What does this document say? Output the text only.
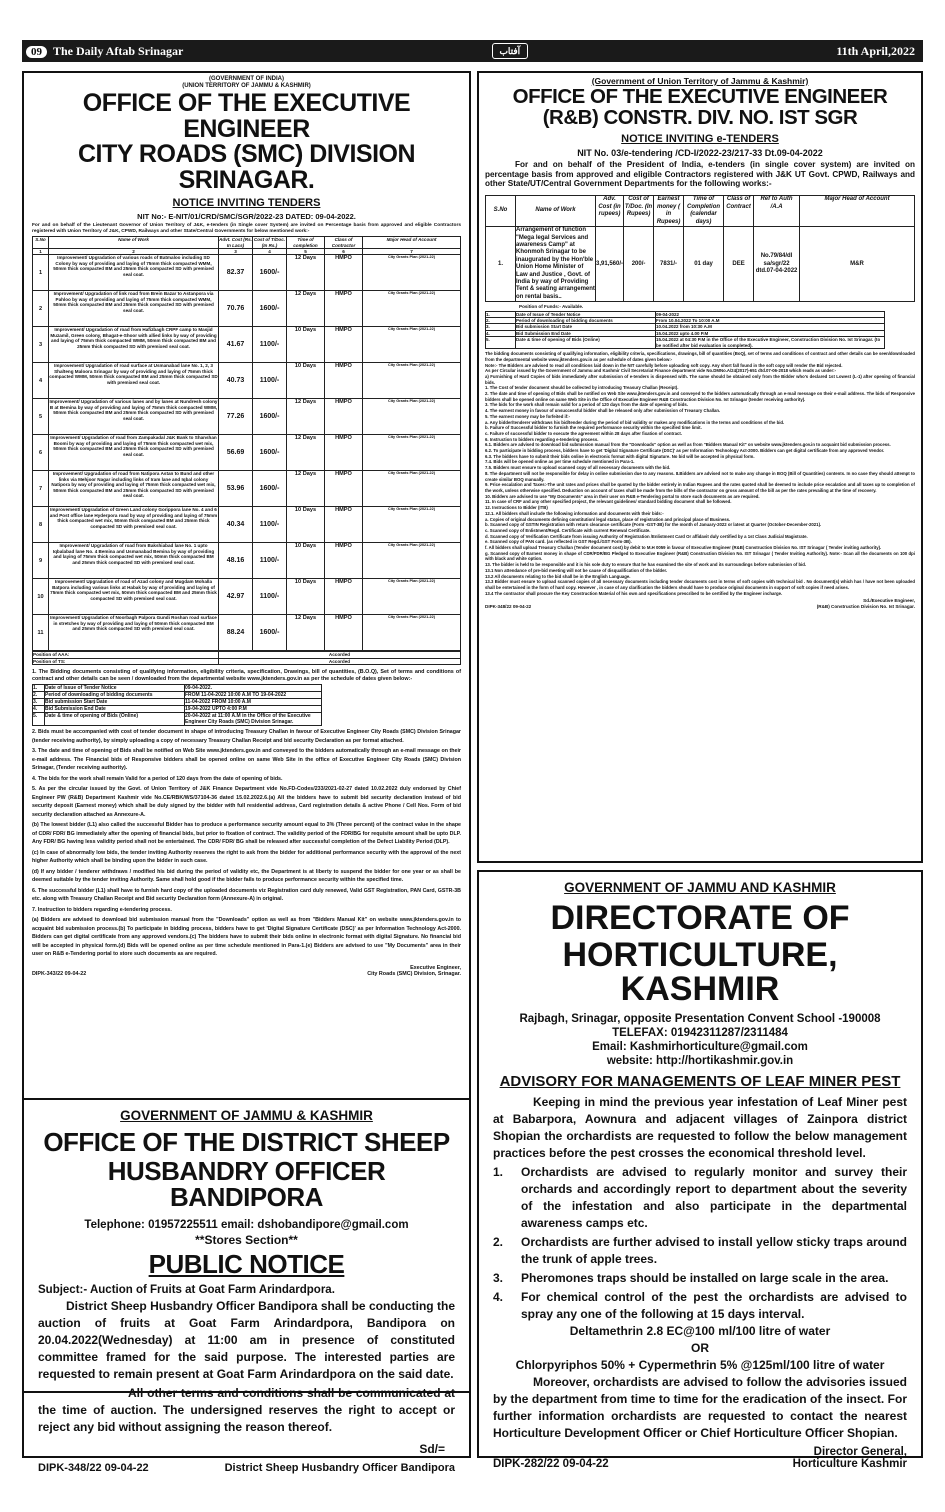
09 The Daily Aftab Srinagar	آفتاب	11th April,2022
(GOVERNMENT OF INDIA)
(UNION TERRITORY OF JAMMU & KASHMIR)
OFFICE OF THE EXECUTIVE ENGINEER
CITY ROADS (SMC) DIVISION SRINAGAR.
NOTICE INVITING TENDERS
NIT No:- E-NIT/01/CRD/SMC/SGR/2022-23 DATED: 09-04-2022.
For and on behalf of the Lieutenant Governor of Union Territory of J&K, e-tenders (in Single cover System) are invited on Percentage basis from approved and eligible Contractors registered with Union Territory of J&K, CPWD, Railways and other State/Central Governments for below mentioned work:-
S.No	Name of Work	Advt. Cost (Rs. In Lacs)	Cost of T/Doc. (In Rs.)	Time of completion	Class of Contractor	Major Head of Account
1	2	3	4	5	6	7
1	Improvement/ Upgradation of various roads of Batmaloo including SD Colony by way of providing and laying of 75mm thick compacted WMM, 50mm thick compacted BM and 25mm thick compacted SD with premixed seal coat.	82.37	1600/-	12 Days	HMPO	City Grants Plan (2021-22)
2	Improvement/ Upgradation of link road from Brein Bazar to Astanpora via Pahloo by way of providing and laying of 75mm thick compacted WMM, 50mm thick compacted BM and 25mm thick compacted SD with premixed seal coat.	70.76	1600/-	12 Days	HMPO	City Grants Plan (2021-22)
3	Improvement/ Upgradation of road from Hafizbagh CRPF camp to Masjid Muzamil, Green colony, Bhagat-e-Shoor with allied links by way of providing and laying of 75mm thick compacted WMM, 50mm thick compacted BM and 25mm thick compacted SD with premixed seal coat.	41.67	1100/-	10 Days	HMPO	City Grants Plan (2021-22)
4	Improvement/ Upgradation of road surface at Usmanabad lane No. 1, 2, 3 Shalteng Maloora Srinagar by way of providing and laying of 75mm thick compacted WMM, 50mm thick compacted BM and 25mm thick compacted SD with premixed seal coat.	40.73	1100/-	10 Days	HMPO	City Grants Plan (2021-22)
5	Improvement/ Upgradation of various lanes and by lanes at Nundresh colony B at Bemina by way of providing and laying of 75mm thick compacted WMM, 50mm thick compacted BM and 25mm thick compacted SD with premixed seal coat.	77.26	1600/-	12 Days	HMPO	City Grants Plan (2021-22)
6	Improvement/ Upgradation of road from Zampakadal J&K Bank to Shanshan Boomi by way of providing and laying of 75mm thick compacted wet mix, 50mm thick compacted BM and 25mm thick compacted SD with premixed seal coat.	56.69	1600/-	12 Days	HMPO	City Grants Plan (2021-22)
7	Improvement/ Upgradation of road from Natipora Astan to Bund and other links via Mehjoor Nagar including links of Iram lane and Iqbal colony Natipora by way of providing and laying of 75mm thick compacted wet mix, 50mm thick compacted BM and 25mm thick compacted SD with premixed seal coat.	53.96	1600/-	12 Days	HMPO	City Grants Plan (2021-22)
8	Improvement/ Upgradation of Green Land colony Gorippora lane No. 4 and 6 and Post office lane Hyderpora road by way of providing and laying of 75mm thick compacted wet mix, 50mm thick compacted BM and 25mm thick compacted SD with premixed seal coat.	40.34	1100/-	10 Days	HMPO	City Grants Plan (2021-22)
9	Improvement/ Upgradation of road from Bakshiabad lane No. 1 upto Iqbalabad lane No. 4 Bemina and Usmanabad Bemina by way of providing and laying of 75mm thick compacted wet mix, 50mm thick compacted BM and 25mm thick compacted SD with premixed seal coat.	48.16	1100/-	10 Days	HMPO	City Grants Plan (2021-22)
10	Improvement/ Upgradation of road of Azad colony and Mugdam Mohalla Batpora including various links at Habak by way of providing and laying of 75mm thick compacted wet mix, 50mm thick compacted BM and 25mm thick compacted SD with premixed seal coat.	42.97	1100/-	10 Days	HMPO	City Grants Plan (2021-22)
11	Improvement/ Upgradation of Noorbagh Palpora Gundi Roshan road surface in stretches by way of providing and laying of 50mm thick compacted BM and 25mm thick compacted SD with premixed seal coat.	88.24	1600/-	12 Days	HMPO	City Grants Plan (2021-22)
Position of AAA:	Accorded
Position of TS:	Accorded
1. The Bidding documents consisting of qualifying information, eligibility criteria, specification, Drawings, bill of quantities, (B.O.Q), Set of terms and conditions of contract and other details can be seen / downloaded from the departmental website www.jktenders.gov.in as per the schedule of dates given below:-
1.	Date of Issue of Tender Notice	09-04-2022.
2.	Period of downloading of bidding documents	FROM 11-04-2022 10:00 A.M TO 19-04-2022
3.	Bid submission Start Date	11-04-2022 FROM 10:00 A.M
4.	Bid Submission End Date	19-04-2022 UPTO 4:00 P.M
5.	Date & time of opening of Bids (Online)	20-04-2022 at 11:00 A.M in the Office of the Executive Engineer City Roads (SMC) Division Srinagar.
2. Bids must be accompanied with cost of tender document in shape of introducing Treasury Challan in favour of Executive Engineer City Roads (SMC) Division Srinagar (tender receiving authority), by simply uploading a copy of necessary Treasury Challan Receipt and bid security Declaration as per format attached.
3. The date and time of opening of Bids shall be notified on Web Site www.jktenders.gov.in and conveyed to the bidders automatically through an e-mail message on their e-mail address. The Financial bids of Responsive bidders shall be opened online on same Web Site in the office of Executive Engineer City Roads (SMC) Division Srinagar, (Tender receiving authority).
4. The bids for the work shall remain Valid for a period of 120 days from the date of opening of bids.
5. As per the circular issued by the Govt. of Union Territory of J&K Finance Department vide No.FD-Codes/233/2021-02-27 dated 10.02.2022 duly endorsed by Chief Engineer PW (R&B) Department Kashmir vide No.CE/RBK/WS/37104-36 dated 15.02.2022.6.(a) All the bidders have to submit bid security declaration instead of bid security deposit (Earnest money) which shall be duly signed by the bidder with full residential address, Card registration details & active Phone / Cell Nos. Form of bid security declaration attached as Annexure-A.
(b) The lowest bidder (L1) also called the successful Bidder has to produce a performance security amount equal to 3% (Three percent) of the contract value in the shape of CDR/ FDR/ BG immediately after the opening of financial bids, but prior to fixation of contract. The validity period of the FDR/BG for requisite amount shall be upto DLP. Any FDR/ BG having less validity period shall not be entertained. The CDR/ FDR/ BG shall be released after successful completion of the Defect Liability Period (DLP).
(c) In case of abnormally low bids, the tender inviting Authority reserves the right to ask from the bidder for additional performance security with the approval of the next higher Authority which shall be binding upon the bidder in such case.
(d) If any bidder / tenderer withdraws / modified his bid during the period of validity etc, the Department is at liberty to suspend the bidder for one year or as shall be deemed suitable by the tender inviting Authority. Same shall hold good if the bidder fails to produce performance security within the specified time.
6. The successful bidder (L1) shall have to furnish hard copy of the uploaded documents viz Registration card duly renewed, Valid GST Registration, PAN Card, GSTR-3B etc. along with Treasury Challan Receipt and Bid security Declaration form (Annexure-A) in original.
7. Instruction to bidders regarding e-tendering process.
(a) Bidders are advised to download bid submission manual from the "Downloads" option as well as from "Bidders Manual Kit" on website www.jktenders.gov.in to acquaint bid submission process.(b) To participate in bidding process, bidders have to get 'Digital Signature Certificate (DSC)' as per Information Technology Act-2000. Bidders can get digital certificate from any approved vendors.(c) The bidders have to submit their bids online in electronic format with digital Signature. No financial bid will be accepted in physical form.(d) Bids will be opened online as per time schedule mentioned in Para-1.(e) Bidders are advised to use "My Documents" area in their user on R&B e-Tendering portal to store such documents as are required.
Executive Engineer,
DIPK-343/22 09-04-22	City Roads (SMC) Division, Srinagar.
(Government of Union Territory of Jammu & Kashmir)
OFFICE OF THE EXECUTIVE ENGINEER
(R&B) CONSTR. DIV. NO. IST SGR
NOTICE INVITING e-TENDERS
NIT No. 03/e-tendering /CD-I/2022-23/217-33 Dt.09-04-2022
For and on behalf of the President of India, e-tenders (in single cover system) are invited on percentage basis from approved and eligible Contractors registered with J&K UT Govt. CPWD, Railways and other State/UT/Central Government Departments for the following works:-
S.No	Name of Work	Adv. Cost (in rupees)	Cost of T/Doc. (In Rupees)	Earnest money ( in Rupees)	Time of Completion (calendar days)	Class of Contract	Ref to Auth /A.A	Major Head of Account
1.	Arrangement of function "Mega legal Services and awareness Camp" at Khonmoh Srinagar to be inaugurated by the Hon'ble Union Home Minister of Law and Justice , Govt. of India by way of Providing Tent & seating arrangement on rental basis..	3,91,560/-	200/-	7831/-	01 day	DEE	No.79/84/dl sa/sgr/22 dtd.07-04-2022	M&R
Position of Funds:- Available.
1.	Date of Issue of Tender Notice	09-04-2022
2.	Period of downloading of bidding documents	From 10.04.2022 To 10:00 A.M
3.	Bid submission Start Date	10.04.2022 from 10:30 A.M
4.	Bid Submission End Date	15.04.2022 upto 4.00 P.M
5.	Date & time of opening of Bids (Online)	15.04.2022 at 04:30 P.M in the Office of the Executive Engineer, Construction Division No. Ist Srinagar. (to be notified after bid evaluation is completed).
The bidding documents consisting of qualifying information, eligibility criteria, specifications, drawings, bill of quantities (BoQ), set of terms and conditions of contract and other details can be seen/downloaded from the departmental website www.jktenders.gov.in as per schedule of dates given below:-
Note:- The Bidders are advised to read all conditions laid down in the NIT carefully before uploading soft copy. Any short fall found in the soft copy will render the Bid rejected.
As per Circular issued by the Government of Jammu and Kashmir Civil Secretariat Finance department vide No.DMNo.A/24(2017)-651 dtd.07-06-2018 which reads as under:-
a) Furnishing of Hard Copies of bids immediately after submission of e-tenders is dispensed with. The same should be obtained only from the Bidder who's declared 1st Lowest (L-1) after opening of financial bids.
1. The Cost of tender document should be collected by introducing Treasury Challan (Receipt).
2. The date and time of opening of Bids shall be notified on Web Site www.jktenders.gov.in and conveyed to the bidders automatically through an e-mail message on their e-mail address. The bids of Responsive bidders shall be opened online on same Web Site in the Office of Executive Engineer R&B Construction Division No. Ist Srinagar (tender receiving authority).
3. The bids for the work shall remain valid for a period of 120 days from the date of opening of bids.
4. The earnest money in favour of unsuccessful bidder shall be released only after submission of Treasury Challan.
5. The earnest money may be forfeited if:-
a. Any bidder/tenderer withdraws his bid/tender during the period of bid validity or makes any modifications in the terms and conditions of the bid.
b. Failure of Successful bidder to furnish the required performance security within the specified time limit.
c. Failure of successful bidder to execute the agreement within 28 days after fixation of contract.
6. Instruction to bidders regarding e-tendering process.
6.1. Bidders are advised to download bid submission manual from the "Downloads" option as well as from "Bidders Manual Kit" on website www.jktenders.gov.in to acquaint bid submission process.
6.2. To participate in bidding process, bidders have to get 'Digital Signature Certificate (DSC)' as per Information Technology Act-2000. Bidders can get digital certificate from any approved Vendor.
6.3. The bidders have to submit their bids online in electronic format with digital Signature. No bid will be accepted in physical form.
7.4. Bids will be opened online as per time schedule mentioned in Para-1.
7.5. Bidders must ensure to upload scanned copy of all necessary documents with the bid.
8. The department will not be responsible for delay in online submission due to any reasons. 8.Bidders are advised not to make any change in BOQ (Bill of Quantities) contents. In no case they should attempt to create similar BOQ manually.
9. Price escalation and Taxes:-The unit rates and prices shall be quoted by the bidder entirely in Indian Rupees and the rates quoted shall be deemed to include price escalation and all taxes up to completion of the work, unless otherwise specified. Deduction on account of taxes shall be made from the bills of the contractor on gross amount of the bill as per the rates prevailing at the time of recovery.
10. Bidders are advised to use "My Documents" area in their user on R&B e-Tendering portal to store such documents as are required.
11. In case of CRF and any other specified project, the relevant guidelines/ standard bidding document shall be followed.
12. Instructions to Bidder (ITB)
12.1. All bidders shall include the following information and documents with their bids:-
a. Copies of original documents defining constitution/ legal status, place of registration and principal place of Business.
b. Scanned copy of GSTIN Registration with return clearance certificate (Form -GST-3B) for the month of January-2022 or latest at Quarter (October-December-2021).
c. Scanned copy of Enlistment/Regd. Certificate with current Renewal Certificate.
d. Scanned copy of Verification Certificate from issuing Authority of Registration /Enlistment Card Or affidavit duly certified by a 1st Class Judicial Magistrate.
e. Scanned copy of PAN card. (as reflected in GST Regd./GST Form-3B).
f. All bidders shall upload Treasury Challan (Tender document cost) by debit to M.H 0059 in favour of Executive Engineer (R&B) Construction Division No. IST Srinagar ( Tender inviting authority).
g. Scanned copy of Earnest money in shape of CDR/FDR/BG Pledged to Executive Engineer (R&B) Construction Division No. IST Srinagar ( Tender Inviting Authority). Note:- Scan all the documents on 100 dpi with black and white option.
13. The bidder is held to be responsible and it is his sole duty to ensure that he has examined the site of work and its surroundings before submission of bid.
13.1 Non attendance of pre-bid meeting will not be cause of disqualification of the bidder.
13.2 All documents relating to the bid shall be in the English Language.
13.3 Bidder must ensure to upload scanned copies of all necessary documents including tender documents cost in terms of soft copies with technical bid . No document(s) which has / have not been uploaded shall be entertained in the form of hard copy. However , in case of any clarification the bidders should have to produce original documents in support of soft copies if need arises.
13.4 The contractor shall procure the Key Construction Material of his own and specifications prescribed to be certified by the Engineer incharge.
Sd./Executive Engineer,
DIPK-348/22 09-04-22	(R&B) Construction Division No. Ist Srinagar.
GOVERNMENT OF JAMMU & KASHMIR
OFFICE OF THE DISTRICT SHEEP
HUSBANDRY OFFICER BANDIPORA
Telephone: 01957225511 email: dshobandipore@gmail.com
**Stores Section**
PUBLIC NOTICE
Subject:- Auction of Fruits at Goat Farm Arindardpora.
District Sheep Husbandry Officer Bandipora shall be conducting the auction of fruits at Goat Farm Arindardpora, Bandipora on 20.04.2022(Wednesday) at 11:00 am in presence of constituted committee framed for the said purpose. The interested parties are requested to remain present at Goat Farm Arindardpora on the said date.
All other terms and conditions shall be communicated at the time of auction. The undersigned reserves the right to accept or reject any bid without assigning the reason thereof.
Sd/=
DIPK-348/22 09-04-22	District Sheep Husbandry Officer Bandipora
GOVERNMENT OF JAMMU AND KASHMIR
DIRECTORATE OF
HORTICULTURE, KASHMIR
Rajbagh, Srinagar, opposite Presentation Convent School -190008
TELEFAX: 01942311287/2311484
Email: Kashmirhorticulture@gmail.com
website: http://hortikashmir.gov.in
ADVISORY FOR MANAGEMENTS OF LEAF MINER PEST
Keeping in mind the previous year infestation of Leaf Miner pest at Babarpora, Aownura and adjacent villages of Zainpora district Shopian the orchardists are requested to follow the below management practices before the pest crosses the economical threshold level.
1.	Orchardists are advised to regularly monitor and survey their orchards and accordingly report to department about the severity of the infestation and also participate in the departmental awareness camps etc.
2.	Orchardists are further advised to install yellow sticky traps around the trunk of apple trees.
3.	Pheromones traps should be installed on large scale in the area.
4.	For chemical control of the pest the orchardists are advised to spray any one of the following at 15 days interval.
Deltamethrin 2.8 EC@100 ml/100 litre of water
OR
Chlorpyriphos 50% + Cypermethrin 5% @125ml/100 litre of water
Moreover, orchardists are advised to follow the advisories issued by the department from time to time for the eradication of the insect. For further information orchardists are requested to contact the nearest Horticulture Development Officer or Chief Horticulture Officer Shopian.
Director General,
DIPK-282/22 09-04-22	Horticulture Kashmir
